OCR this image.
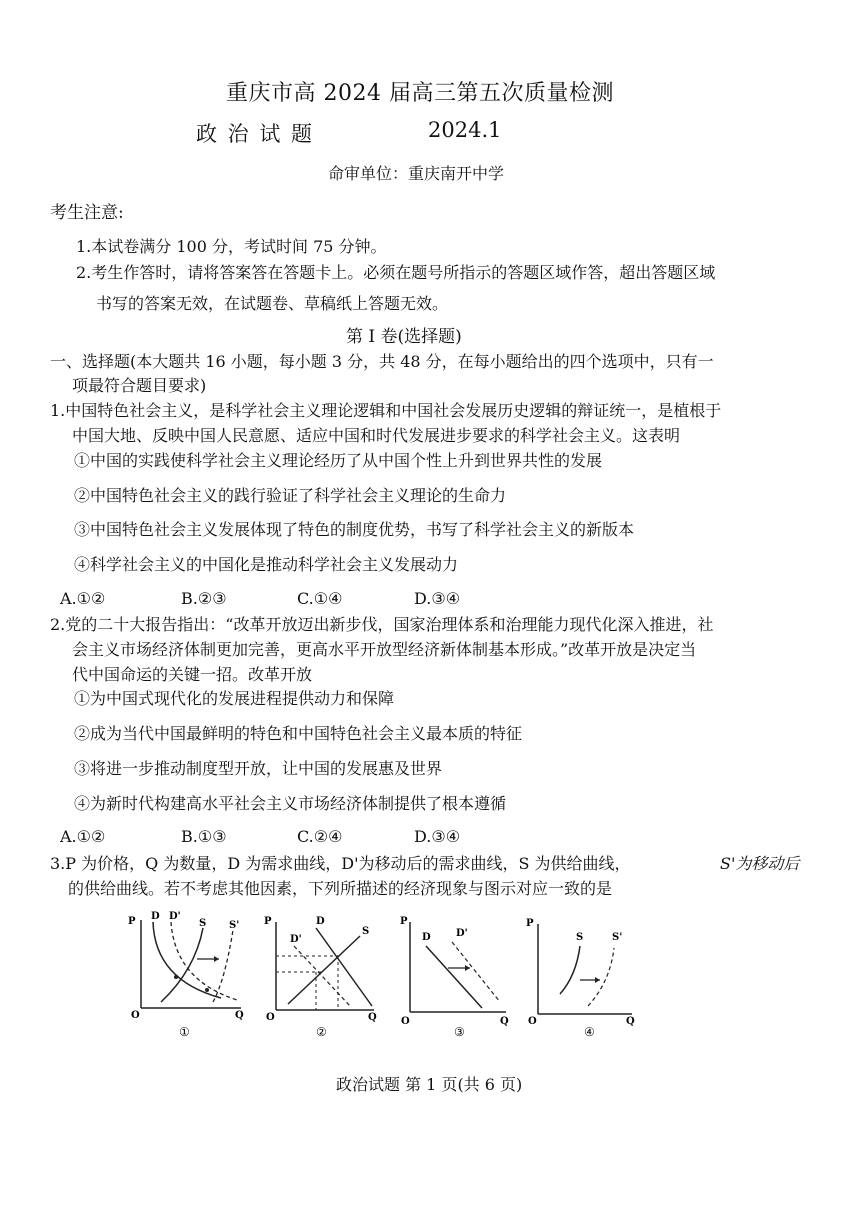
重庆市高 2024 届高三第五次质量检测
政 治 试 题	2024.1
命审单位：重庆南开中学
考生注意:
1.本试卷满分 100 分，考试时间 75 分钟。
2.考生作答时，请将答案答在答题卡上。必须在题号所指示的答题区域作答，超出答题区域
书写的答案无效，在试题卷、草稿纸上答题无效。
第 I 卷(选择题)
一、选择题(本大题共 16 小题，每小题 3 分，共 48 分，在每小题给出的四个选项中，只有一
项最符合题目要求)
1.中国特色社会主义，是科学社会主义理论逻辑和中国社会发展历史逻辑的辩证统一，是植根于
中国大地、反映中国人民意愿、适应中国和时代发展进步要求的科学社会主义。这表明
①中国的实践使科学社会主义理论经历了从中国个性上升到世界共性的发展
②中国特色社会主义的践行验证了科学社会主义理论的生命力
③中国特色社会主义发展体现了特色的制度优势，书写了科学社会主义的新版本
④科学社会主义的中国化是推动科学社会主义发展动力
A.①②	B.②③	C.①④	D.③④
2.党的二十大报告指出：“改革开放迈出新步伐，国家治理体系和治理能力现代化深入推进，社
会主义市场经济体制更加完善，更高水平开放型经济新体制基本形成。”改革开放是决定当
代中国命运的关键一招。改革开放
①为中国式现代化的发展进程提供动力和保障
②成为当代中国最鲜明的特色和中国特色社会主义最本质的特征
③将进一步推动制度型开放，让中国的发展惠及世界
④为新时代构建高水平社会主义市场经济体制提供了根本遵循
A.①②	B.①③	C.②④	D.③④
3.P 为价格，Q 为数量，D 为需求曲线，D'为移动后的需求曲线，S 为供给曲线，	S'为移动后
的供给曲线。若不考虑其他因素，下列所描述的经济现象与图示对应一致的是
P D D'
S S'
O	Q
①
P	D
D'
S
O	Q
②
P
D	D'
O	Q
③
P
S	S'
O	Q
④
政治试题 第 1 页(共 6 页)
